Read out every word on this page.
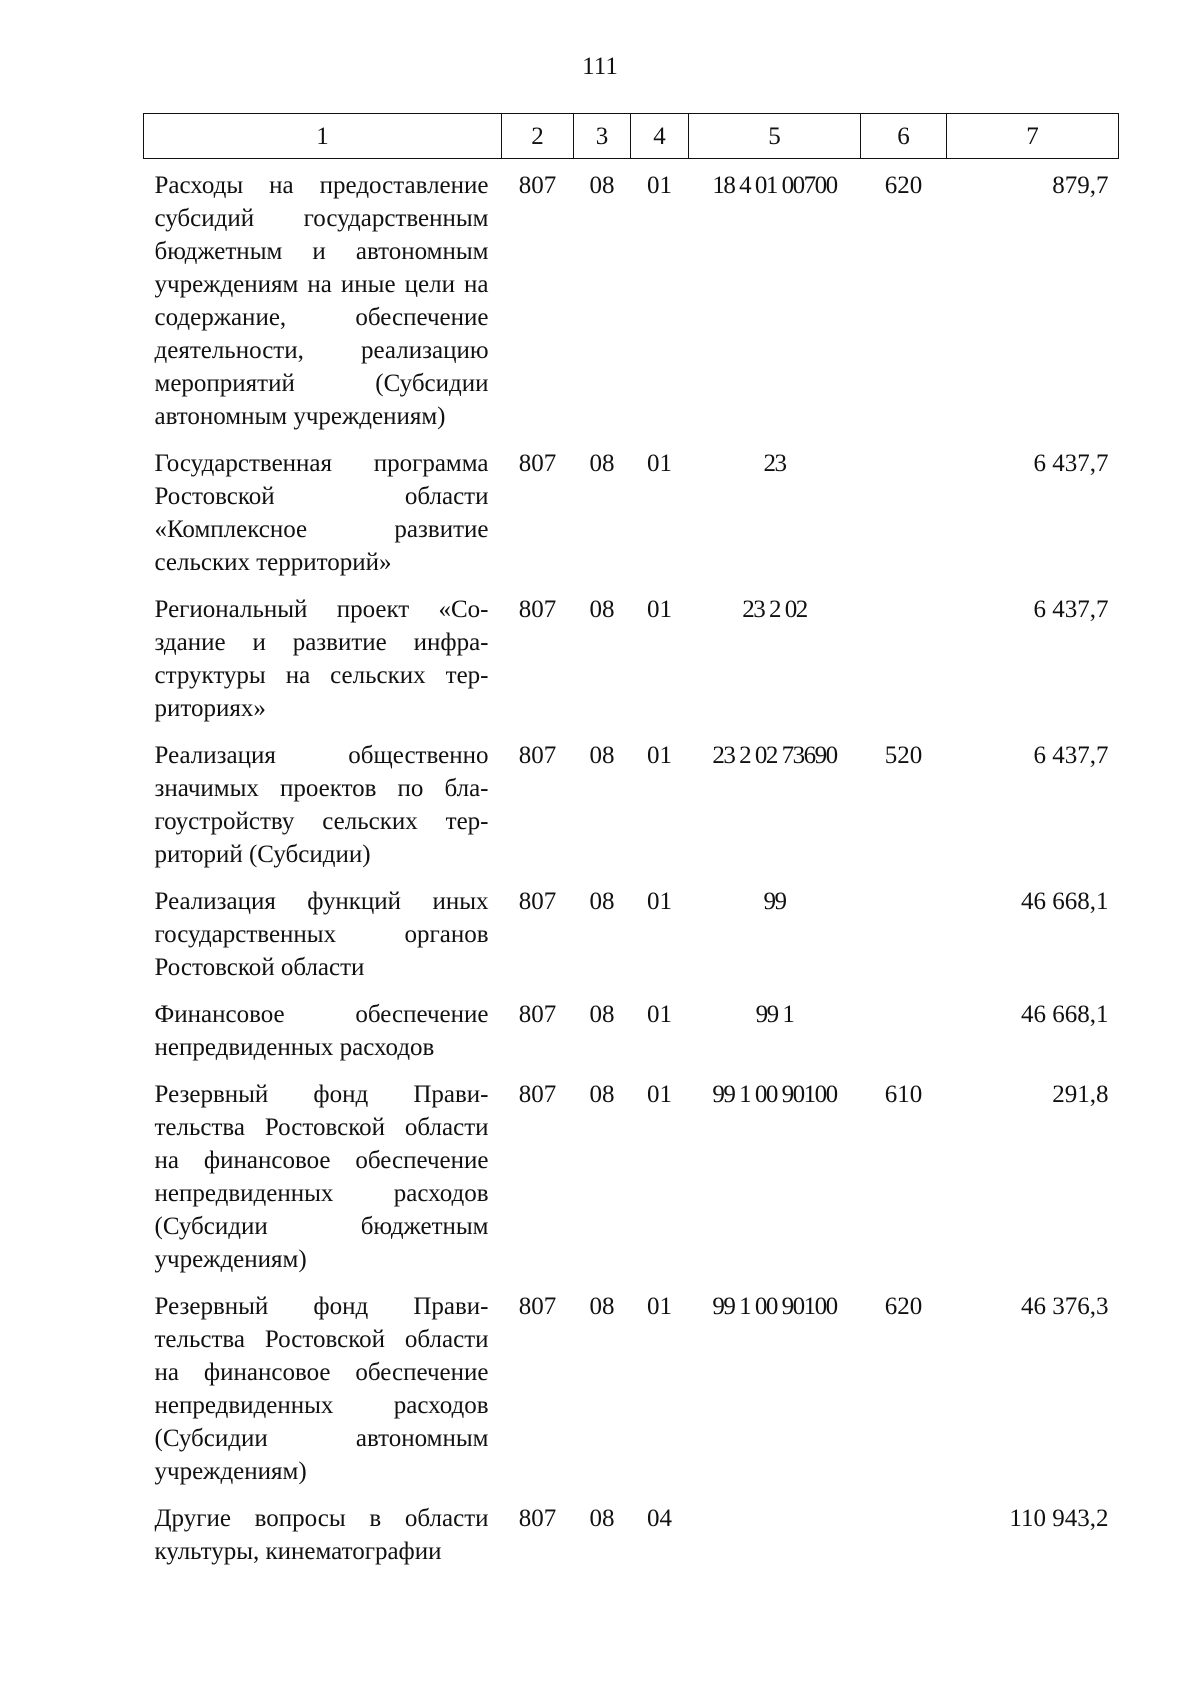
111
1	2	3	4	5	6	7
Расходы на предоставление субсидий государственным бюджетным и автономным учреждениям на иные цели на содержание, обеспечение деятельности, реализацию мероприятий (Субсидии автономным учреждениям)	807	08	01	18 4 01 00700	620	879,7
Государственная программа Ростовской области «Комплексное развитие сельских территорий»	807	08	01	23		6 437,7
Региональный проект «Создание и развитие инфраструктуры на сельских территориях»	807	08	01	23 2 02		6 437,7
Реализация общественно значимых проектов по благоустройству сельских территорий (Субсидии)	807	08	01	23 2 02 73690	520	6 437,7
Реализация функций иных государственных органов Ростовской области	807	08	01	99		46 668,1
Финансовое обеспечение непредвиденных расходов	807	08	01	99 1		46 668,1
Резервный фонд Правительства Ростовской области на финансовое обеспечение непредвиденных расходов (Субсидии бюджетным учреждениям)	807	08	01	99 1 00 90100	610	291,8
Резервный фонд Правительства Ростовской области на финансовое обеспечение непредвиденных расходов (Субсидии автономным учреждениям)	807	08	01	99 1 00 90100	620	46 376,3
Другие вопросы в области культуры, кинематографии	807	08	04			110 943,2
